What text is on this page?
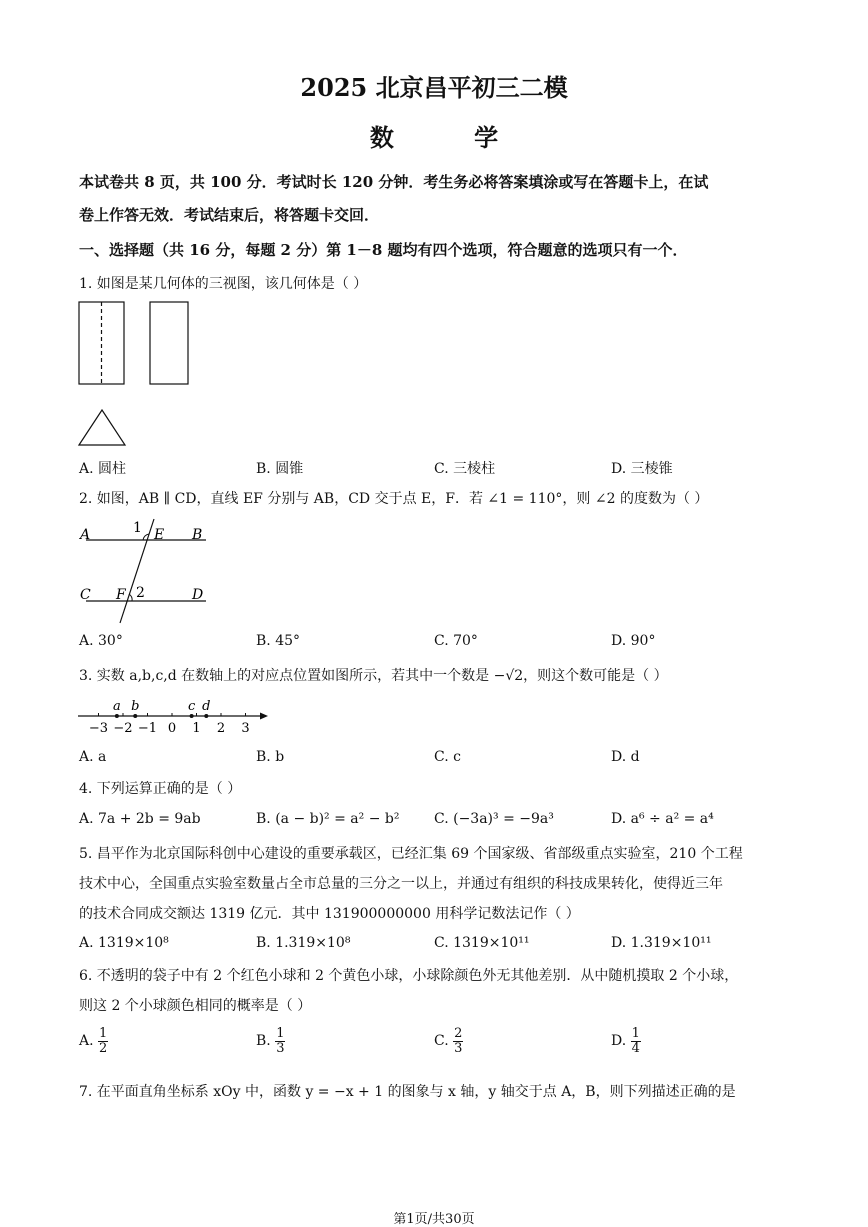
2025 北京昌平初三二模
数 学
本试卷共 8 页，共 100 分．考试时长 120 分钟．考生务必将答案填涂或写在答题卡上，在试
卷上作答无效．考试结束后，将答题卡交回．
一、选择题（共 16 分，每题 2 分）第 1－8 题均有四个选项，符合题意的选项只有一个．
1. 如图是某几何体的三视图，该几何体是（ ）
A. 圆柱	B. 圆锥	C. 三棱柱	D. 三棱锥
2. 如图，AB ∥ CD，直线 EF 分别与 AB，CD 交于点 E，F．若 ∠1 = 110°，则 ∠2 的度数为（ ）
A	B
E
1
C	D
F 2
A. 30°	B. 45°	C. 70°	D. 90°
3. 实数 a,b,c,d 在数轴上的对应点位置如图所示，若其中一个数是 −√2，则这个数可能是（ ）
−3 −2 −1 0 1 2 3
a b	c d
A. a	B. b	C. c	D. d
4. 下列运算正确的是（ ）
A. 7a + 2b = 9ab	B. (a − b)² = a² − b² C. (−3a)³ = −9a³	D. a⁶ ÷ a² = a⁴
5. 昌平作为北京国际科创中心建设的重要承载区，已经汇集 69 个国家级、省部级重点实验室，210 个工程
技术中心，全国重点实验室数量占全市总量的三分之一以上，并通过有组织的科技成果转化，使得近三年
的技术合同成交额达 1319 亿元．其中 131900000000 用科学记数法记作（ ）
A. 1319×10⁸	B. 1.319×10⁸	C. 1319×10¹¹	D. 1.319×10¹¹
6. 不透明的袋子中有 2 个红色小球和 2 个黄色小球，小球除颜色外无其他差别．从中随机摸取 2 个小球，
则这 2 个小球颜色相同的概率是（ ）
A. $\frac{1}{2}$	B. $\frac{1}{3}$	C. $\frac{2}{3}$	D. $\frac{1}{4}$
7. 在平面直角坐标系 xOy 中，函数 y = −x + 1 的图象与 x 轴，y 轴交于点 A，B，则下列描述正确的是
第1页/共30页
